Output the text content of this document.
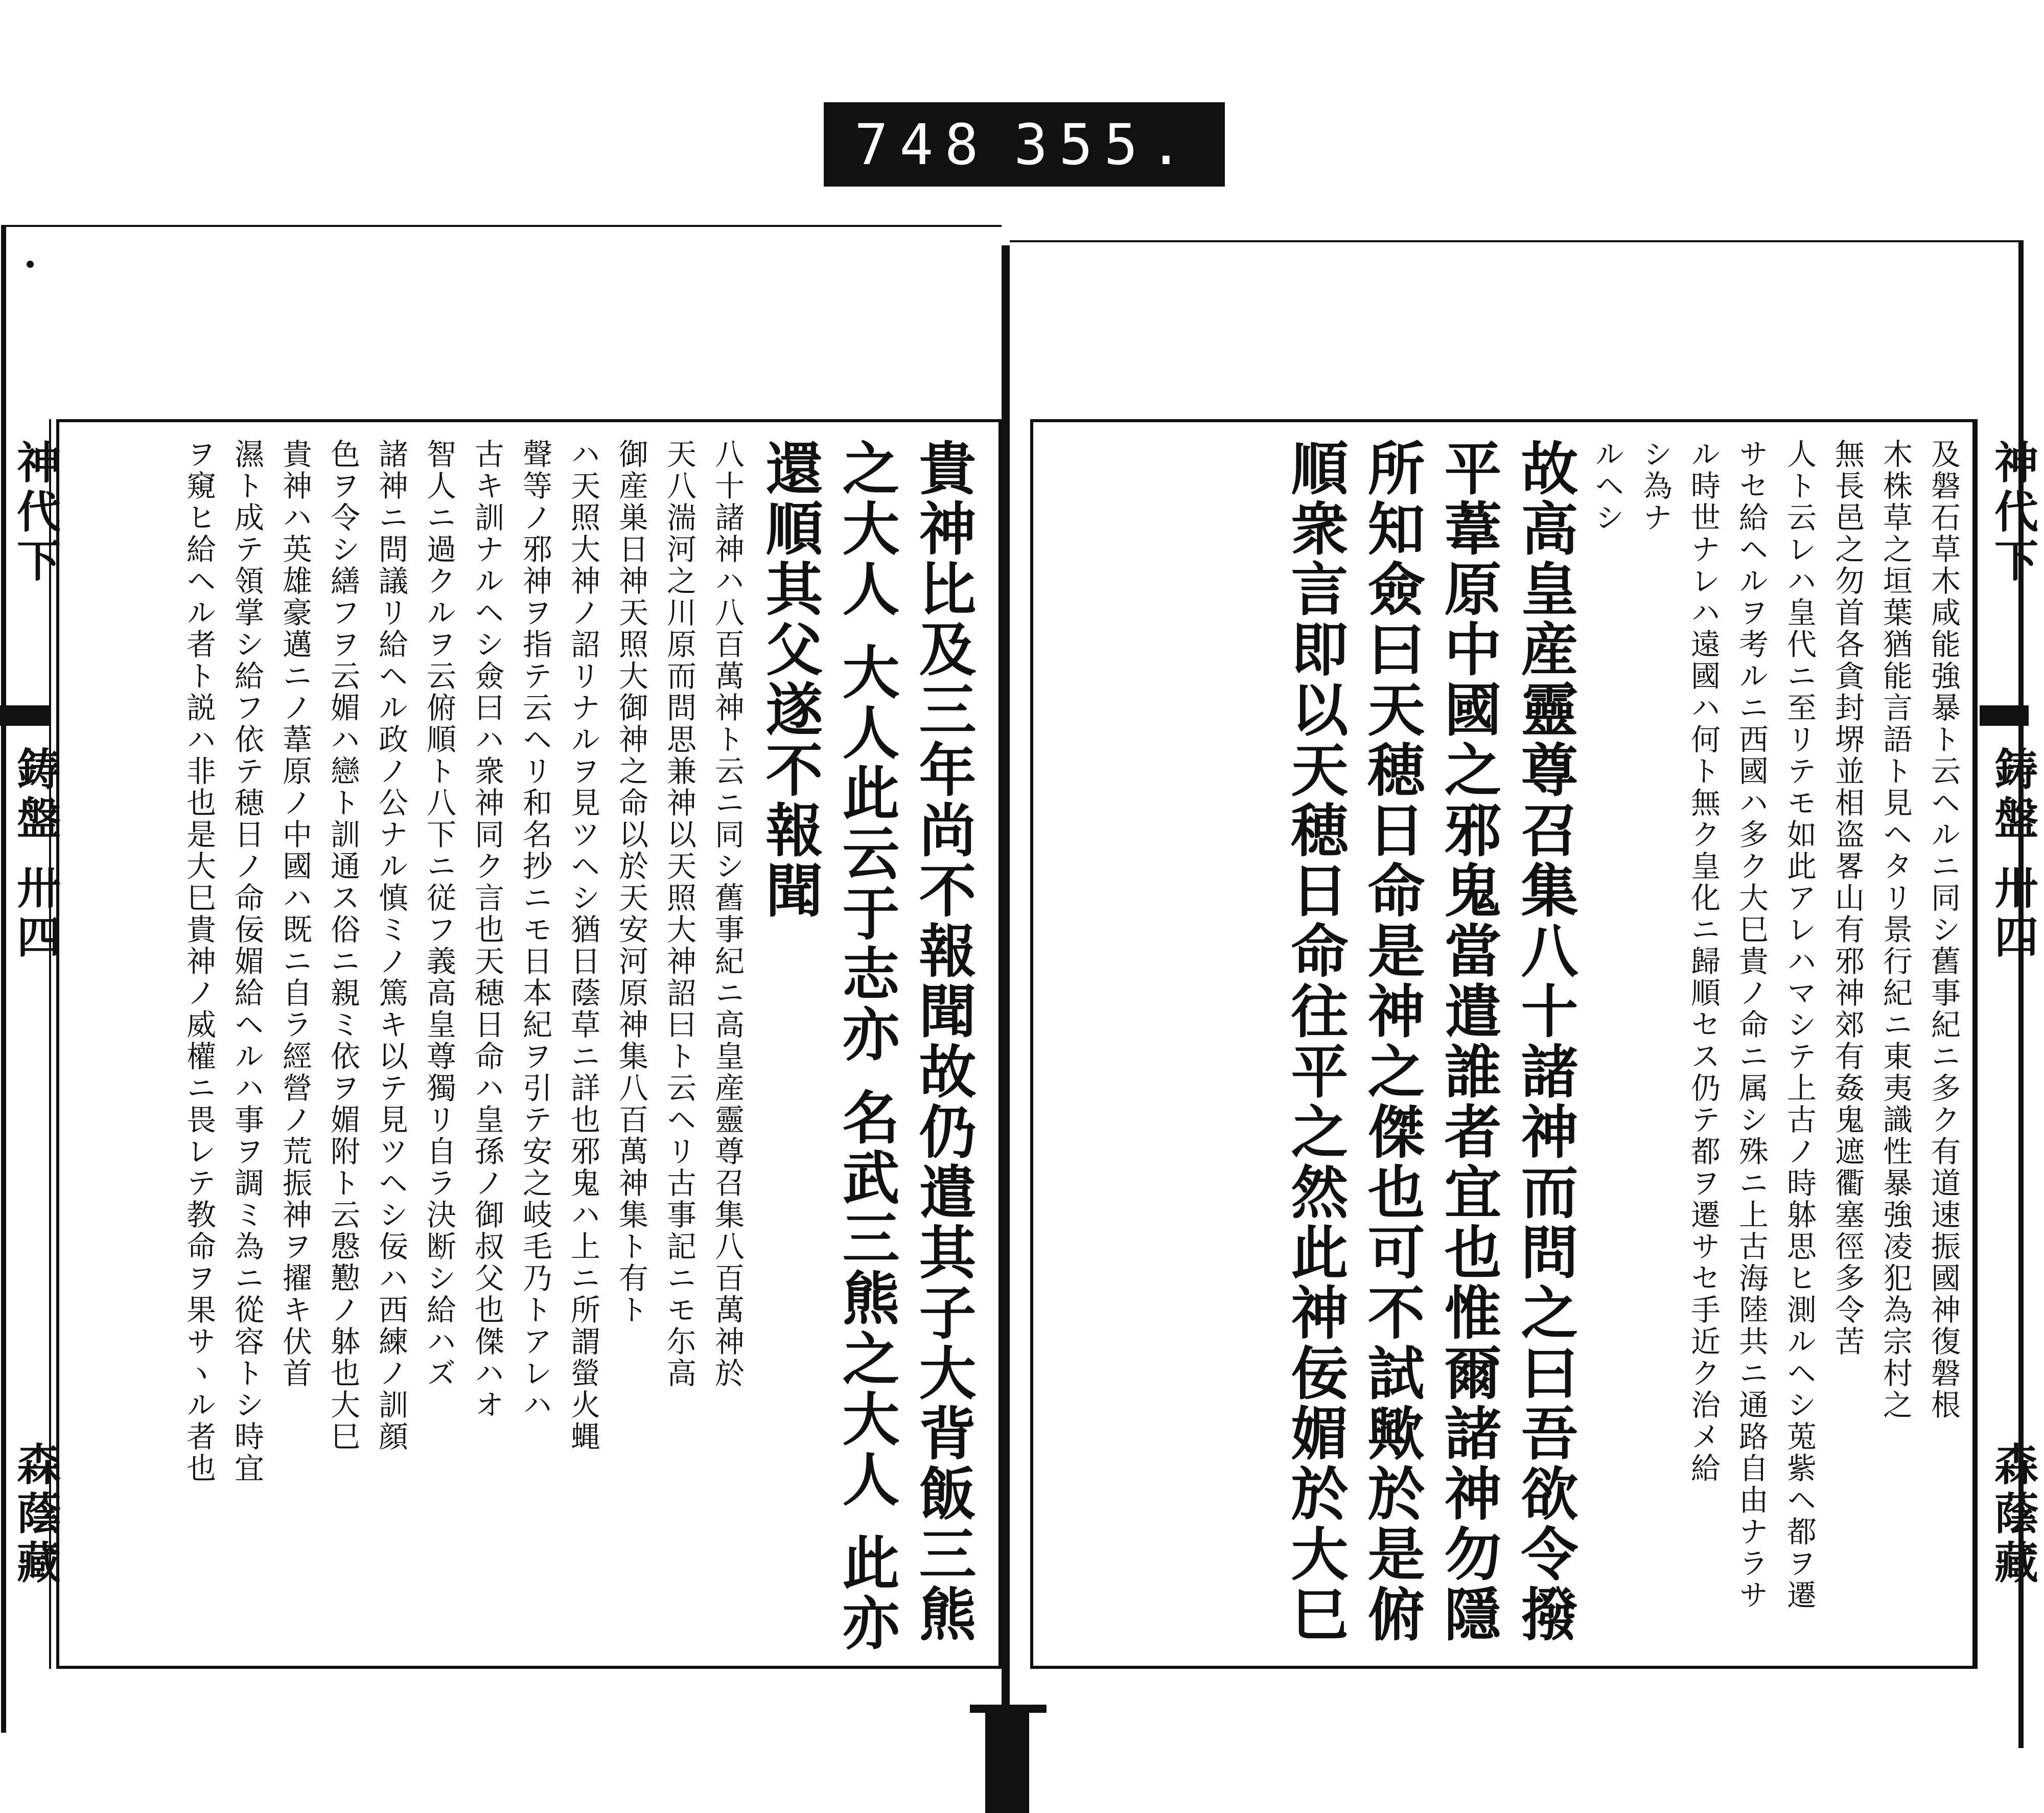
748 355.
神代下
鋳盤 卅四
森蔭藏	貴神比及三年尚不報聞故仍遣其子大背飯三熊
之大人 大人此云于志亦 名武三熊之大人 此亦還順其父遂不報聞
八十諸神ハ八百萬神ト云ニ同シ舊事紀ニ高皇産靈尊召集八百萬神於
天八湍河之川原而問思兼神以天照大神詔曰ト云ヘリ古事記ニモ尓高
御産巣日神天照大御神之命以於天安河原神集八百萬神集ト有ト
ハ天照大神ノ詔リナルヲ見ツヘシ猶日蔭草ニ詳也邪鬼ハ上ニ所謂螢火蝿
聲等ノ邪神ヲ指テ云ヘリ和名抄ニモ日本紀ヲ引テ安之岐毛乃トアレハ
古キ訓ナルヘシ僉曰ハ衆神同ク言也天穂日命ハ皇孫ノ御叔父也傑ハオ
智人ニ過クルヲ云俯順ト八下ニ従フ義高皇尊獨リ自ラ決断シ給ハズ
諸神ニ問議リ給ヘル政ノ公ナル慎ミノ篤キ以テ見ツヘシ佞ハ西練ノ訓顔
色ヲ令シ繕フヲ云媚ハ戀ト訓通ス俗ニ親ミ依ヲ媚附ト云慇懃ノ躰也大巳
貴神ハ英雄豪邁ニノ葦原ノ中國ハ既ニ自ラ經營ノ荒振神ヲ擢キ伏首
濕ト成テ領掌シ給フ依テ穂日ノ命佞媚給ヘルハ事ヲ調ミ為ニ從容トシ時宜
ヲ窺ヒ給ヘル者ト説ハ非也是大巳貴神ノ威權ニ畏レテ教命ヲ果サヽル者也	及磐石草木咸能強暴ト云ヘルニ同シ舊事紀ニ多ク有道速振國神復磐根
木株草之垣葉猶能言語ト見ヘタリ景行紀ニ東夷識性暴強凌犯為宗村之
無長邑之勿首各貪封堺並相盗畧山有邪神郊有姦鬼遮衢塞徑多令苦
人ト云レハ皇代ニ至リテモ如此アレハマシテ上古ノ時躰思ヒ測ルヘシ莵紫ヘ都ヲ遷
サセ給ヘルヲ考ルニ西國ハ多ク大巳貴ノ命ニ属シ殊ニ上古海陸共ニ通路自由ナラサ
ル時世ナレハ遠國ハ何ト無ク皇化ニ歸順セス仍テ都ヲ遷サセ手近ク治メ給
シ為ナ
ルヘシ
故高皇産靈尊召集八十諸神而問之曰吾欲令撥
平葦原中國之邪鬼當遣誰者宜也惟爾諸神勿隱
所知僉曰天穂日命是神之傑也可不試歟於是俯
順衆言即以天穂日命往平之然此神佞媚於大巳	神代下
鋳盤 卅四
森蔭藏
